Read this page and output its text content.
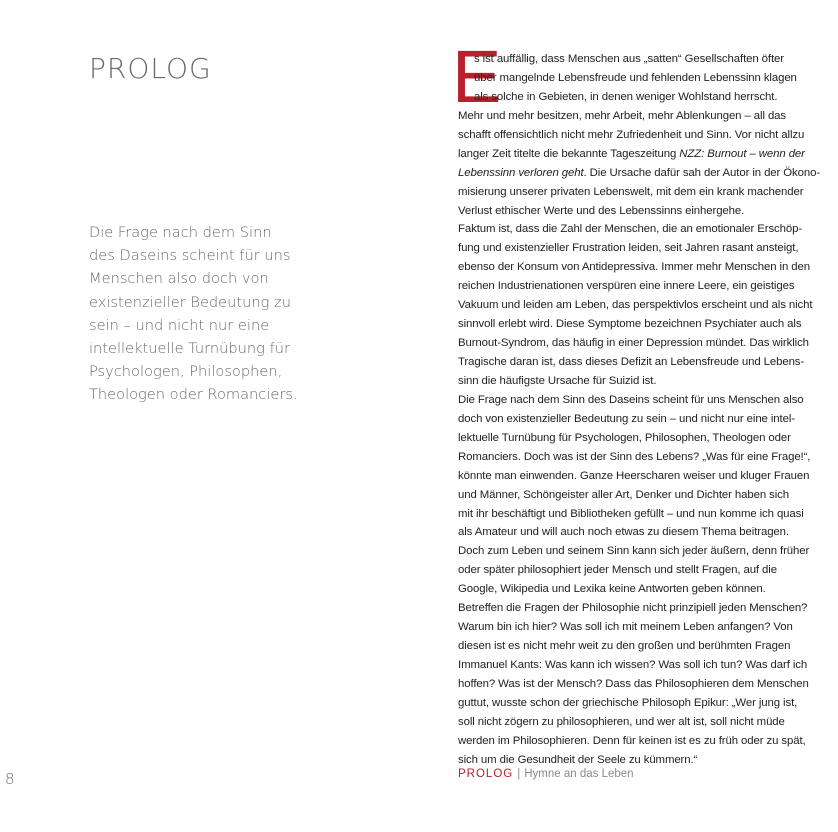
PROLOG

Die Frage nach dem Sinn
des Daseins scheint für uns
Menschen also doch von
existenzieller Bedeutung zu
sein – und nicht nur eine
intellektuelle Turnübung für
Psychologen, Philosophen,
Theologen oder Romanciers.

8
E
s ist auffällig, dass Menschen aus „satten“ Gesellschaften öfter
über mangelnde Lebensfreude und fehlenden Lebenssinn klagen
als solche in Gebieten, in denen weniger Wohlstand herrscht.
Mehr und mehr besitzen, mehr Arbeit, mehr Ablenkungen – all das
schafft offensichtlich nicht mehr Zufriedenheit und Sinn. Vor nicht allzu
langer Zeit titelte die bekannte Tageszeitung NZZ: Burnout – wenn der
Lebenssinn verloren geht. Die Ursache dafür sah der Autor in der Ökono-
misierung unserer privaten Lebenswelt, mit dem ein krank machender
Verlust ethischer Werte und des Lebenssinns einhergehe.
Faktum ist, dass die Zahl der Menschen, die an emotionaler Erschöp-
fung und existenzieller Frustration leiden, seit Jahren rasant ansteigt,
ebenso der Konsum von Antidepressiva. Immer mehr Menschen in den
reichen Industrienationen verspüren eine innere Leere, ein geistiges
Vakuum und leiden am Leben, das perspektivlos erscheint und als nicht
sinnvoll erlebt wird. Diese Symptome bezeichnen Psychiater auch als
Burnout-Syndrom, das häufig in einer Depression mündet. Das wirklich
Tragische daran ist, dass dieses Defizit an Lebensfreude und Lebens-
sinn die häufigste Ursache für Suizid ist.
Die Frage nach dem Sinn des Daseins scheint für uns Menschen also
doch von existenzieller Bedeutung zu sein – und nicht nur eine intel-
lektuelle Turnübung für Psychologen, Philosophen, Theologen oder
Romanciers. Doch was ist der Sinn des Lebens? „Was für eine Frage!“,
könnte man einwenden. Ganze Heerscharen weiser und kluger Frauen
und Männer, Schöngeister aller Art, Denker und Dichter haben sich
mit ihr beschäftigt und Bibliotheken gefüllt – und nun komme ich quasi
als Amateur und will auch noch etwas zu diesem Thema beitragen.
Doch zum Leben und seinem Sinn kann sich jeder äußern, denn früher
oder später philosophiert jeder Mensch und stellt Fragen, auf die
Google, Wikipedia und Lexika keine Antworten geben können.
Betreffen die Fragen der Philosophie nicht prinzipiell jeden Menschen?
Warum bin ich hier? Was soll ich mit meinem Leben anfangen? Von
diesen ist es nicht mehr weit zu den großen und berühmten Fragen
Immanuel Kants: Was kann ich wissen? Was soll ich tun? Was darf ich
hoffen? Was ist der Mensch? Dass das Philosophieren dem Menschen
guttut, wusste schon der griechische Philosoph Epikur: „Wer jung ist,
soll nicht zögern zu philosophieren, und wer alt ist, soll nicht müde
werden im Philosophieren. Denn für keinen ist es zu früh oder zu spät,
sich um die Gesundheit der Seele zu kümmern.“
PROLOG | Hymne an das Leben
